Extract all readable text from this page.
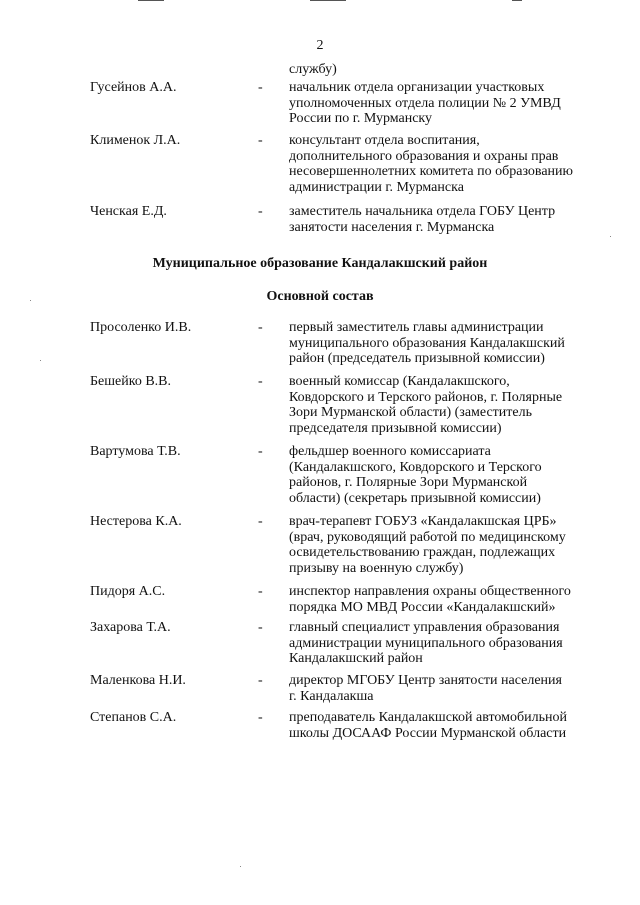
2
службу)
Гусейнов А.А.	- начальник отдела организации участковых
уполномоченных отдела полиции № 2 УМВД
России по г. Мурманску
Клименок Л.А.	- консультант отдела воспитания,
дополнительного образования и охраны прав
несовершеннолетних комитета по образованию
администрации г. Мурманска
Ченская Е.Д.	- заместитель начальника отдела ГОБУ Центр
занятости населения г. Мурманска
Муниципальное образование Кандалакшский район
Основной состав
Просоленко И.В.	- первый заместитель главы администрации
муниципального образования Кандалакшский
район (председатель призывной комиссии)
Бешейко В.В.	- военный комиссар (Кандалакшского,
Ковдорского и Терского районов, г. Полярные
Зори Мурманской области) (заместитель
председателя призывной комиссии)
Вартумова Т.В.	- фельдшер военного комиссариата
(Кандалакшского, Ковдорского и Терского
районов, г. Полярные Зори Мурманской
области) (секретарь призывной комиссии)
Нестерова К.А.	- врач-терапевт ГОБУЗ «Кандалакшская ЦРБ»
(врач, руководящий работой по медицинскому
освидетельствованию граждан, подлежащих
призыву на военную службу)
Пидоря А.С.	- инспектор направления охраны общественного
порядка МО МВД России «Кандалакшский»
Захарова Т.А.	- главный специалист управления образования
администрации муниципального образования
Кандалакшский район
Маленкова Н.И.	- директор МГОБУ Центр занятости населения
г. Кандалакша
Степанов С.А.	- преподаватель Кандалакшской автомобильной
школы ДОСААФ России Мурманской области
